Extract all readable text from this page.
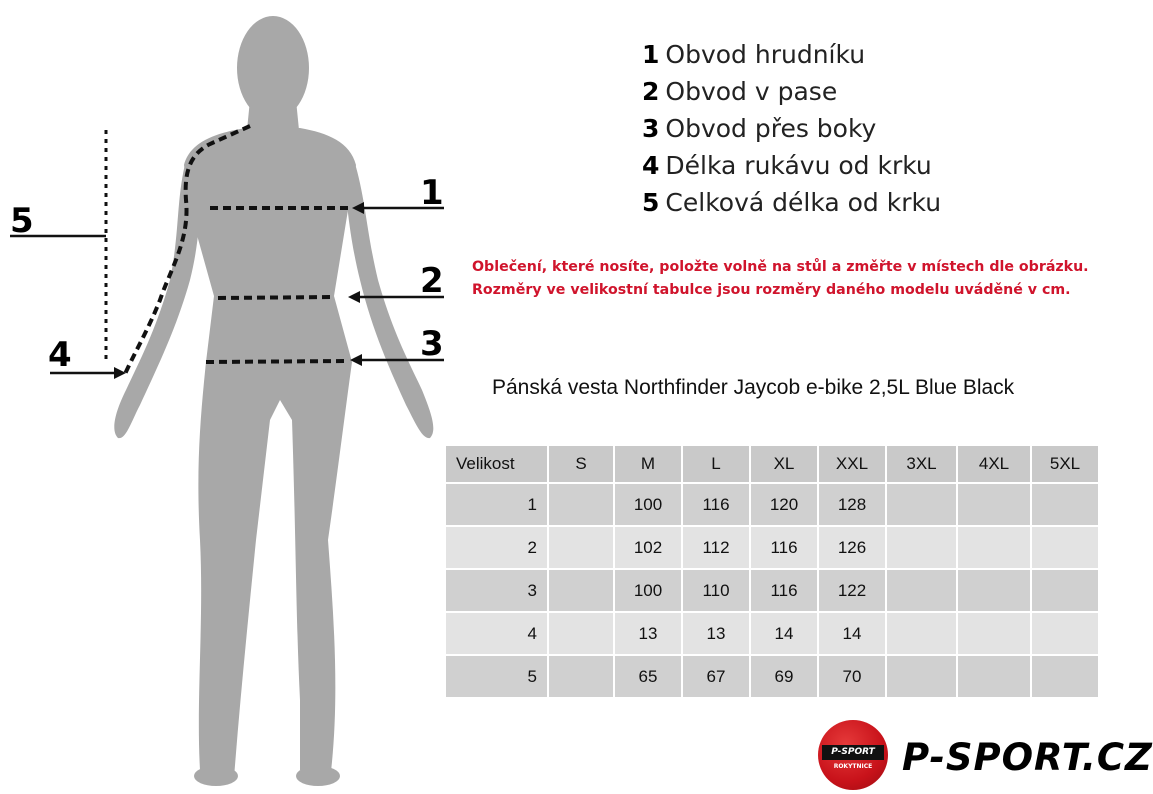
1
2
3
4
5
1 Obvod hrudníku
2 Obvod v pase
3 Obvod přes boky
4 Délka rukávu od krku
5 Celková délka od krku
Oblečení, které nosíte, položte volně na stůl a změřte v místech dle obrázku.
Rozměry ve velikostní tabulce jsou rozměry daného modelu uváděné v cm.
Pánská vesta Northfinder Jaycob e-bike 2,5L Blue Black
Velikost	S	M	L	XL	XXL	3XL	4XL	5XL
1		100	116	120	128			
2		102	112	116	126			
3		100	110	116	122			
4		13	13	14	14			
5		65	67	69	70			
P-SPORT
ROKYTNICE P-SPORT.CZ
